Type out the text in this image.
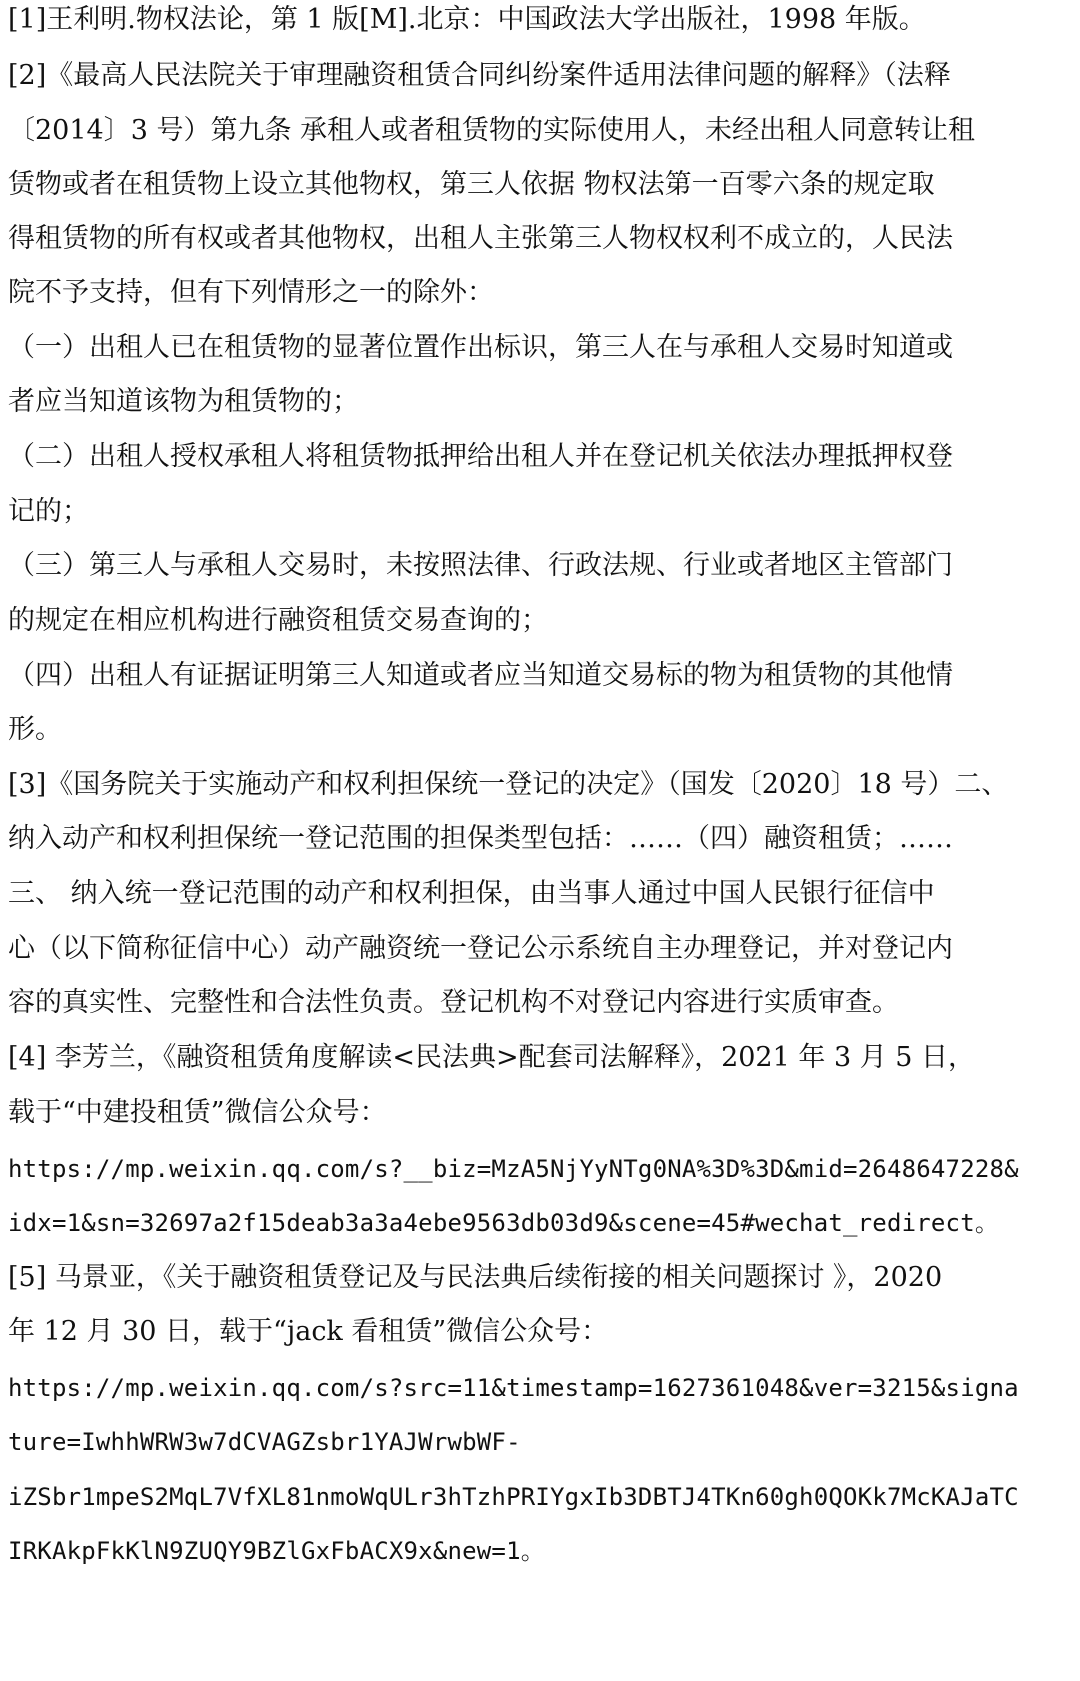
[1]王利明.物权法论，第 1 版[M].北京：中国政法大学出版社，1998 年版。

[2]《最高人民法院关于审理融资租赁合同纠纷案件适用法律问题的解释》（法释

〔2014〕3 号）第九条 承租人或者租赁物的实际使用人，未经出租人同意转让租

赁物或者在租赁物上设立其他物权，第三人依据 物权法第一百零六条的规定取

得租赁物的所有权或者其他物权，出租人主张第三人物权权利不成立的，人民法

院不予支持，但有下列情形之一的除外：

（一）出租人已在租赁物的显著位置作出标识，第三人在与承租人交易时知道或

者应当知道该物为租赁物的；

（二）出租人授权承租人将租赁物抵押给出租人并在登记机关依法办理抵押权登

记的；

（三）第三人与承租人交易时，未按照法律、行政法规、行业或者地区主管部门

的规定在相应机构进行融资租赁交易查询的；

（四）出租人有证据证明第三人知道或者应当知道交易标的物为租赁物的其他情

形。

[3]《国务院关于实施动产和权利担保统一登记的决定》（国发〔2020〕18 号）二、

纳入动产和权利担保统一登记范围的担保类型包括：……（四）融资租赁；……

三、 纳入统一登记范围的动产和权利担保，由当事人通过中国人民银行征信中

心（以下简称征信中心）动产融资统一登记公示系统自主办理登记，并对登记内

容的真实性、完整性和合法性负责。登记机构不对登记内容进行实质审查。

[4] 李芳兰，《融资租赁角度解读<民法典>配套司法解释》，2021 年 3 月 5 日，

载于“中建投租赁”微信公众号：

https://mp.weixin.qq.com/s?__biz=MzA5NjYyNTg0NA%3D%3D&mid=2648647228&

idx=1&sn=32697a2f15deab3a3a4ebe9563db03d9&scene=45#wechat_redirect。

[5] 马景亚，《关于融资租赁登记及与民法典后续衔接的相关问题探讨 》，2020

年 12 月 30 日，载于“jack 看租赁”微信公众号：

https://mp.weixin.qq.com/s?src=11&timestamp=1627361048&ver=3215&signa

ture=IwhhWRW3w7dCVAGZsbr1YAJWrwbWF-

iZSbr1mpeS2MqL7VfXL81nmoWqULr3hTzhPRIYgxIb3DBTJ4TKn60gh0QOKk7McKAJaTC

IRKAkpFkKlN9ZUQY9BZlGxFbACX9x&new=1。
